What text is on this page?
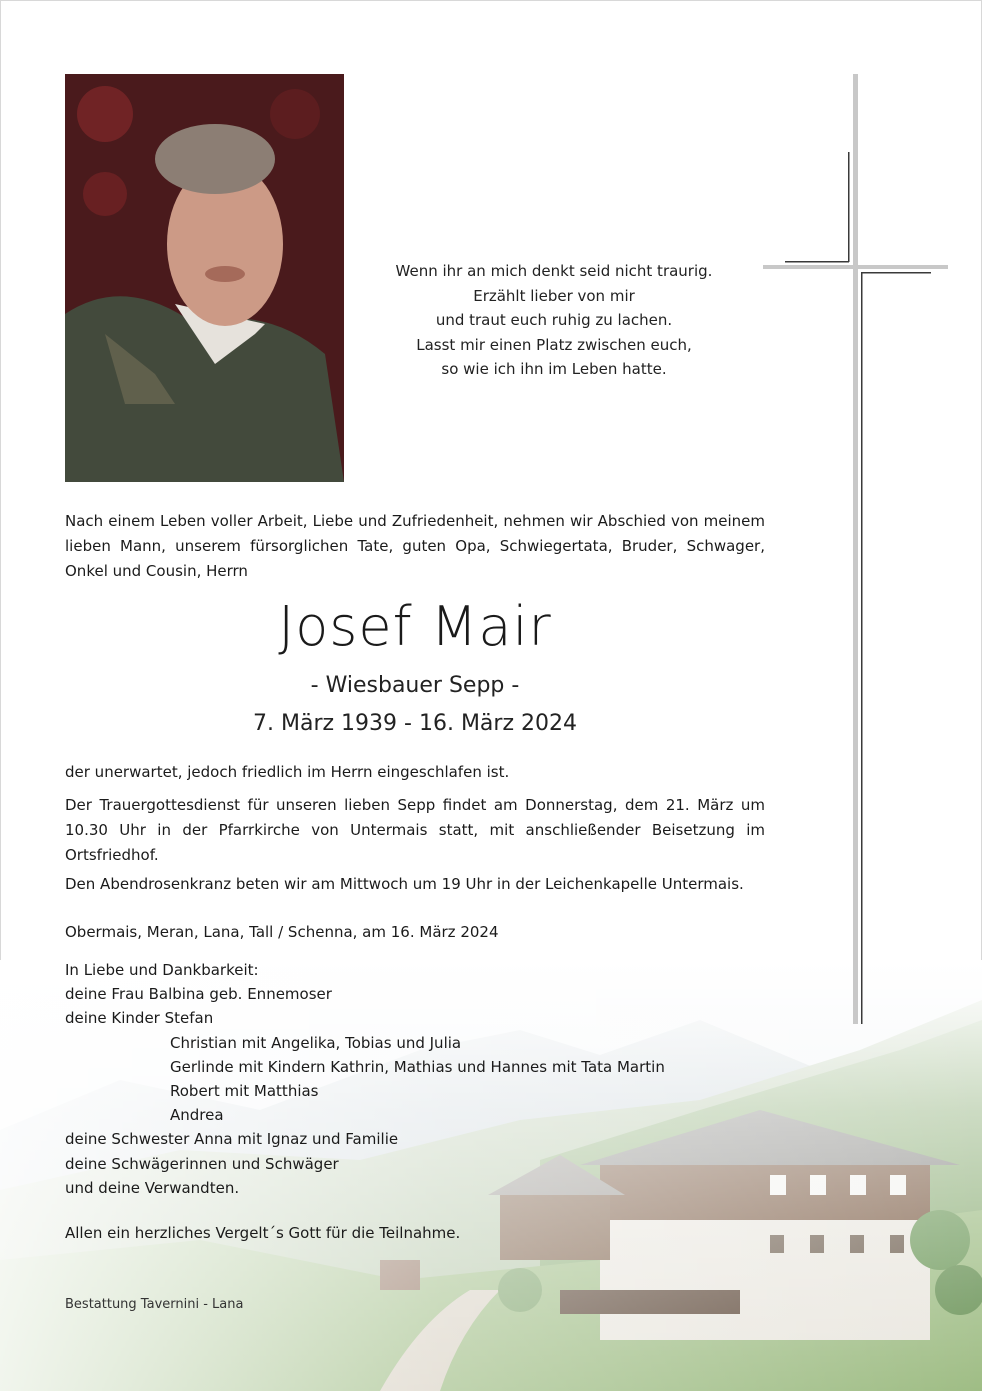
Wenn ihr an mich denkt seid nicht traurig.
Erzählt lieber von mir
und traut euch ruhig zu lachen.
Lasst mir einen Platz zwischen euch,
so wie ich ihn im Leben hatte.
Nach einem Leben voller Arbeit, Liebe und Zufriedenheit, nehmen wir Abschied von meinem lieben Mann, unserem fürsorglichen Tate, guten Opa, Schwiegertata, Bruder, Schwager, Onkel und Cousin, Herrn
Josef Mair
- Wiesbauer Sepp -
7. März 1939 - 16. März 2024
der unerwartet, jedoch friedlich im Herrn eingeschlafen ist.
Der Trauergottesdienst für unseren lieben Sepp findet am Donnerstag, dem 21. März um 10.30 Uhr in der Pfarrkirche von Untermais statt, mit anschließender Beisetzung im Ortsfriedhof.
Den Abendrosenkranz beten wir am Mittwoch um 19 Uhr in der Leichenkapelle Untermais.
Obermais, Meran, Lana, Tall / Schenna, am 16. März 2024
In Liebe und Dankbarkeit:
deine Frau Balbina geb. Ennemoser
deine Kinder Stefan
Christian mit Angelika, Tobias und Julia
Gerlinde mit Kindern Kathrin, Mathias und Hannes mit Tata Martin
Robert mit Matthias
Andrea
deine Schwester Anna mit Ignaz und Familie
deine Schwägerinnen und Schwäger
und deine Verwandten.
Allen ein herzliches Vergelt´s Gott für die Teilnahme.
Bestattung Tavernini - Lana
